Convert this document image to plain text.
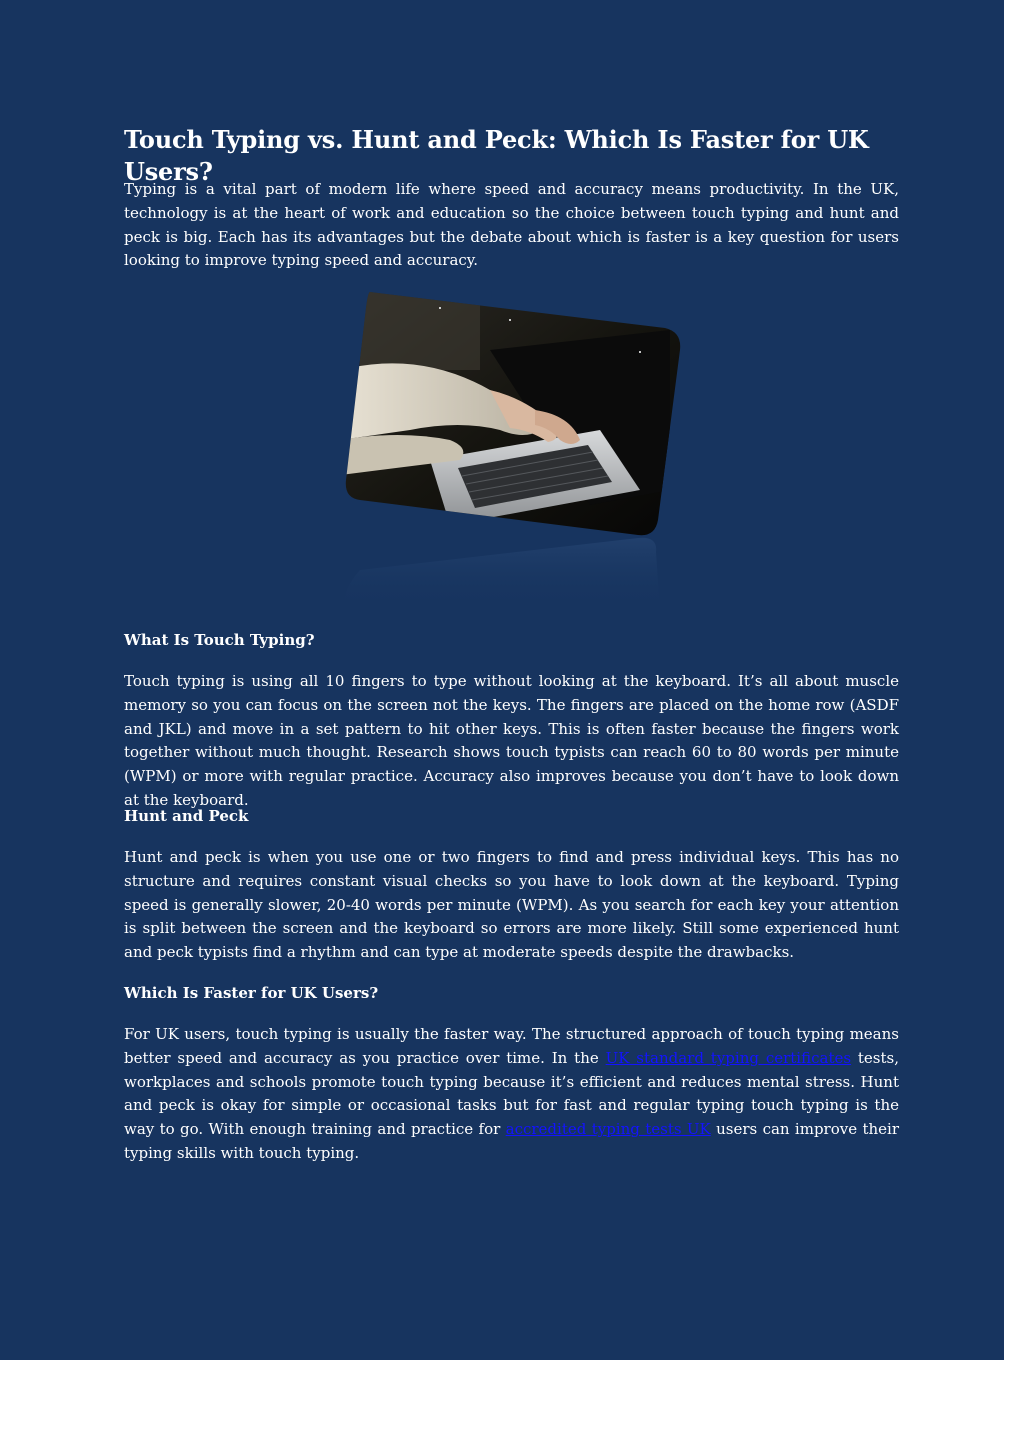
Touch Typing vs. Hunt and Peck: Which Is Faster for UK Users?

Typing is a vital part of modern life where speed and accuracy means productivity. In the UK, technology is at the heart of work and education so the choice between touch typing and hunt and peck is big. Each has its advantages but the debate about which is faster is a key question for users looking to improve typing speed and accuracy.

What Is Touch Typing?

Touch typing is using all 10 fingers to type without looking at the keyboard. It’s all about muscle memory so you can focus on the screen not the keys. The fingers are placed on the home row (ASDF and JKL) and move in a set pattern to hit other keys. This is often faster because the fingers work together without much thought. Research shows touch typists can reach 60 to 80 words per minute (WPM) or more with regular practice. Accuracy also improves because you don’t have to look down at the keyboard.

Hunt and Peck

Hunt and peck is when you use one or two fingers to find and press individual keys. This has no structure and requires constant visual checks so you have to look down at the keyboard. Typing speed is generally slower, 20-40 words per minute (WPM). As you search for each key your attention is split between the screen and the keyboard so errors are more likely. Still some experienced hunt and peck typists find a rhythm and can type at moderate speeds despite the drawbacks.

Which Is Faster for UK Users?

For UK users, touch typing is usually the faster way. The structured approach of touch typing means better speed and accuracy as you practice over time. In the UK standard typing certificates tests, workplaces and schools promote touch typing because it’s efficient and reduces mental stress. Hunt and peck is okay for simple or occasional tasks but for fast and regular typing touch typing is the way to go. With enough training and practice for accredited typing tests UK users can improve their typing skills with touch typing.
